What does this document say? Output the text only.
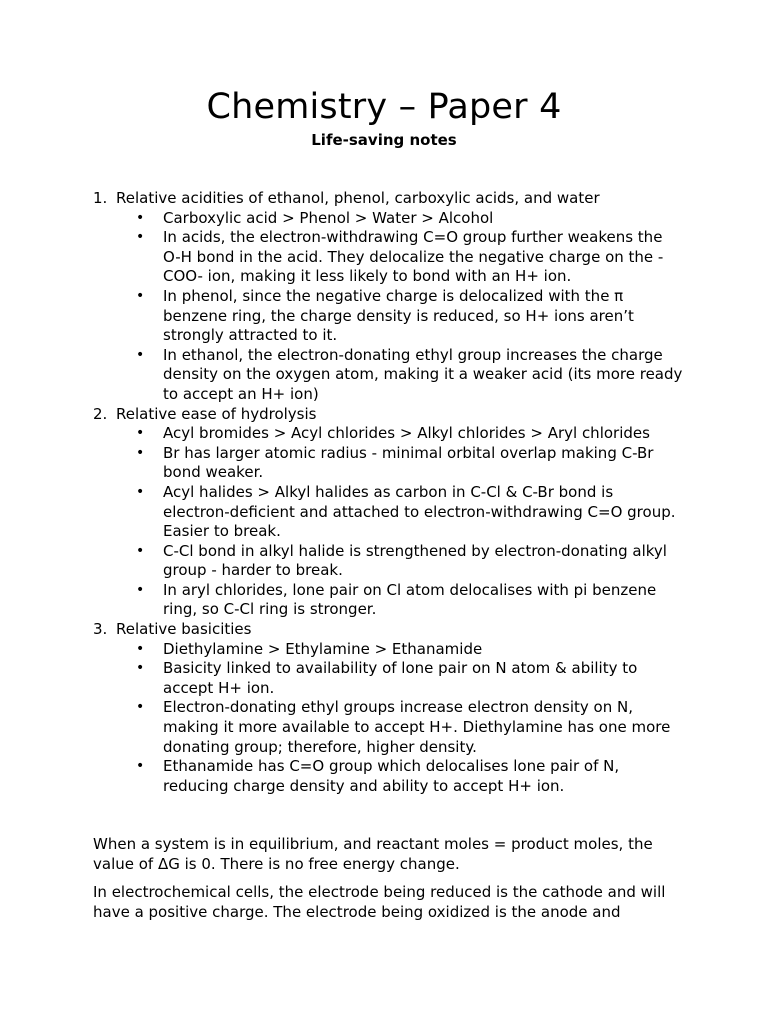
Chemistry – Paper 4
Life-saving notes
1. Relative acidities of ethanol, phenol, carboxylic acids, and water
•	Carboxylic acid > Phenol > Water > Alcohol
•	In acids, the electron-withdrawing C=O group further weakens the O-H bond in the acid. They delocalize the negative charge on the -COO- ion, making it less likely to bond with an H+ ion.
•	In phenol, since the negative charge is delocalized with the π benzene ring, the charge density is reduced, so H+ ions aren’t strongly attracted to it.
•	In ethanol, the electron-donating ethyl group increases the charge density on the oxygen atom, making it a weaker acid (its more ready to accept an H+ ion)
2. Relative ease of hydrolysis
•	Acyl bromides > Acyl chlorides > Alkyl chlorides > Aryl chlorides
•	Br has larger atomic radius - minimal orbital overlap making C-Br bond weaker.
•	Acyl halides > Alkyl halides as carbon in C-Cl & C-Br bond is electron-deficient and attached to electron-withdrawing C=O group. Easier to break.
•	C-Cl bond in alkyl halide is strengthened by electron-donating alkyl group - harder to break.
•	In aryl chlorides, lone pair on Cl atom delocalises with pi benzene ring, so C-Cl ring is stronger.
3. Relative basicities
•	Diethylamine > Ethylamine > Ethanamide
•	Basicity linked to availability of lone pair on N atom & ability to accept H+ ion.
•	Electron-donating ethyl groups increase electron density on N, making it more available to accept H+. Diethylamine has one more donating group; therefore, higher density.
•	Ethanamide has C=O group which delocalises lone pair of N, reducing charge density and ability to accept H+ ion.

When a system is in equilibrium, and reactant moles = product moles, the value of ΔG is 0. There is no free energy change.

In electrochemical cells, the electrode being reduced is the cathode and will have a positive charge. The electrode being oxidized is the anode and
